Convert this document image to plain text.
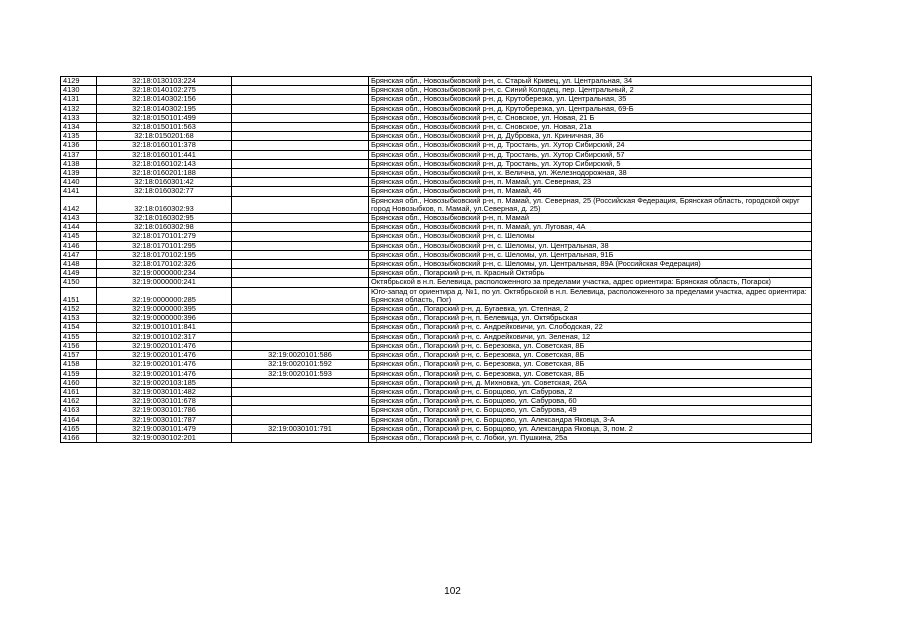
4129	32:18:0130103:224		Брянская обл., Новозыбковский р-н, с. Старый Кривец, ул. Центральная, 34
4130	32:18:0140102:275		Брянская обл., Новозыбковский р-н, с. Синий Колодец, пер. Центральный, 2
4131	32:18:0140302:156		Брянская обл., Новозыбковский р-н, д. Крутоберезка, ул. Центральная, 35
4132	32:18:0140302:195		Брянская обл., Новозыбковский р-н, д. Крутоберезка, ул. Центральная, 69-Б
4133	32:18:0150101:499		Брянская обл., Новозыбковский р-н, с. Сновское, ул. Новая, 21 Б
4134	32:18:0150101:563		Брянская обл., Новозыбковский р-н, с. Сновское, ул. Новая, 21а
4135	32:18:0150201:68		Брянская обл., Новозыбковский р-н, д. Дубровка, ул. Криничная, 36
4136	32:18:0160101:378		Брянская обл., Новозыбковский р-н, д. Тростань, ул. Хутор Сибирский, 24
4137	32:18:0160101:441		Брянская обл., Новозыбковский р-н, д. Тростань, ул. Хутор Сибирский, 57
4138	32:18:0160102:143		Брянская обл., Новозыбковский р-н, д. Тростань, ул. Хутор Сибирский, 5
4139	32:18:0160201:188		Брянская обл., Новозыбковский р-н, х. Велична, ул. Железнодорожная, 38
4140	32:18:0160301:42		Брянская обл., Новозыбковский р-н, п. Мамай, ул. Северная, 23
4141	32:18:0160302:77		Брянская обл., Новозыбковский р-н, п. Мамай, 46
4142	32:18:0160302:93		Брянская обл., Новозыбковский р-н, п. Мамай, ул. Северная, 25 (Российская Федерация, Брянская область, городской округ город Новозыбков, п. Мамай, ул.Северная, д. 25)
4143	32:18:0160302:95		Брянская обл., Новозыбковский р-н, п. Мамай
4144	32:18:0160302:98		Брянская обл., Новозыбковский р-н, п. Мамай, ул. Луговая, 4А
4145	32:18:0170101:279		Брянская обл., Новозыбковский р-н, с. Шеломы
4146	32:18:0170101:295		Брянская обл., Новозыбковский р-н, с. Шеломы, ул. Центральная, 38
4147	32:18:0170102:195		Брянская обл., Новозыбковский р-н, с. Шеломы, ул. Центральная, 91Б
4148	32:18:0170102:326		Брянская обл., Новозыбковский р-н, с. Шеломы, ул. Центральная, 89А (Российская Федерация)
4149	32:19:0000000:234		Брянская обл., Погарский р-н, п. Красный Октябрь
4150	32:19:0000000:241		Октябрьской в н.п. Белевица, расположенного за пределами участка, адрес ориентира: Брянская область, Погарск)
4151	32:19:0000000:285		Юго-запад от ориентира д. №1, по ул. Октябрьской в н.п. Белевица, расположенного за пределами участка, адрес ориентира: Брянская область, Пог)
4152	32:19:0000000:395		Брянская обл., Погарский р-н, д. Бугаевка, ул. Степная, 2
4153	32:19:0000000:396		Брянская обл., Погарский р-н, п. Белевица, ул. Октябрьская
4154	32:19:0010101:841		Брянская обл., Погарский р-н, с. Андрейковичи, ул. Слободская, 22
4155	32:19:0010102:317		Брянская обл., Погарский р-н, с. Андрейковичи, ул. Зеленая, 12
4156	32:19:0020101:476		Брянская обл., Погарский р-н, с. Березовка, ул. Советская, 8Б
4157	32:19:0020101:476	32:19:0020101:586	Брянская обл., Погарский р-н, с. Березовка, ул. Советская, 8Б
4158	32:19:0020101:476	32:19:0020101:592	Брянская обл., Погарский р-н, с. Березовка, ул. Советская, 8Б
4159	32:19:0020101:476	32:19:0020101:593	Брянская обл., Погарский р-н, с. Березовка, ул. Советская, 8Б
4160	32:19:0020103:185		Брянская обл., Погарский р-н, д. Михновка, ул. Советская, 26А
4161	32:19:0030101:482		Брянская обл., Погарский р-н, с. Борщово, ул. Сабурова, 2
4162	32:19:0030101:678		Брянская обл., Погарский р-н, с. Борщово, ул. Сабурова, 60
4163	32:19:0030101:786		Брянская обл., Погарский р-н, с. Борщово, ул. Сабурова, 49
4164	32:19:0030101:787		Брянская обл., Погарский р-н, с. Борщово, ул. Александра Яковца, 3-А
4165	32:19:0030101:479	32:19:0030101:791	Брянская обл., Погарский р-н, с. Борщово, ул. Александра Яковца, 3, пом. 2
4166	32:19:0030102:201		Брянская обл., Погарский р-н, с. Лобки, ул. Пушкина, 25а
102
